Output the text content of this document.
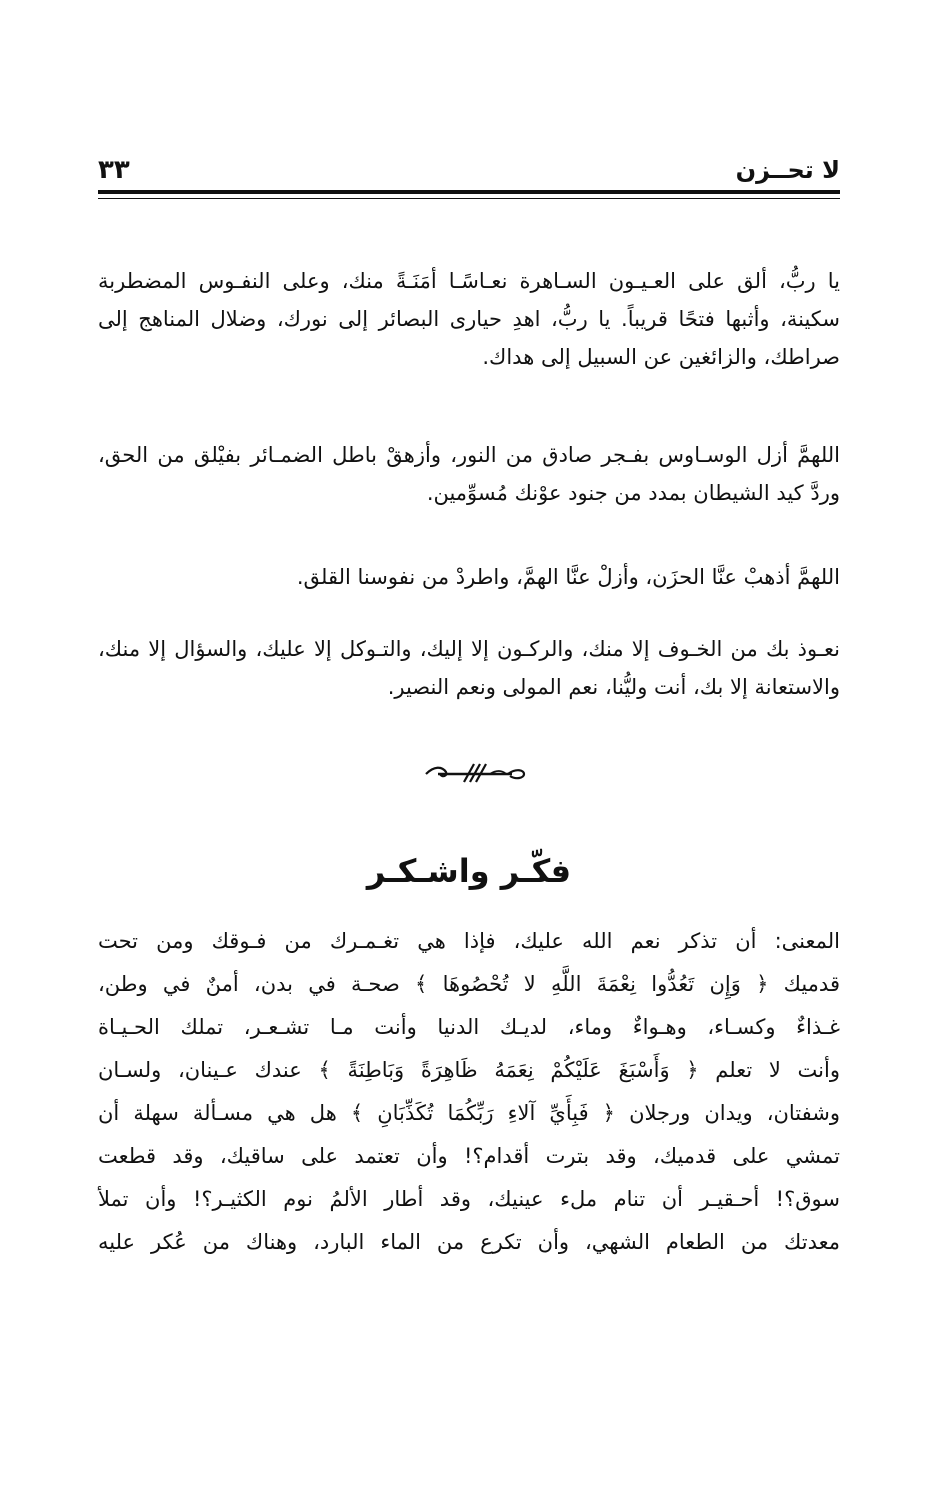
٣٣	لا تحــزن

يا ربُّ، ألق على العـيـون السـاهرة نعـاسًـا أمَنَـةً منك، وعلى النفـوس المضطربة سكينة، وأثبها فتحًا قريباً. يا ربُّ، اهدِ حيارى البصائر إلى نورك، وضلال المناهج إلى صراطك، والزائغين عن السبيل إلى هداك.

اللهمَّ أزل الوسـاوس بفـجر صادق من النور، وأزهقْ باطل الضمـائر بفيْلق من الحق، وردَّ كيد الشيطان بمدد من جنود عوْنك مُسوِّمين.

اللهمَّ أذهبْ عنَّا الحزَن، وأزلْ عنَّا الهمَّ، واطردْ من نفوسنا القلق.

نعـوذ بك من الخـوف إلا منك، والركـون إلا إليك، والتـوكل إلا عليك، والسؤال إلا منك، والاستعانة إلا بك، أنت وليُّنا، نعم المولى ونعم النصير.

فكّـر واشـكـر
المعنى: أن تذكر نعم الله عليك، فإذا هي تغـمـرك من فـوقك ومن تحت
قدميك ﴿ وَإِن تَعُدُّوا نِعْمَةَ اللَّهِ لا تُحْصُوهَا ﴾ صحـة في بدن، أمنٌ في وطن،
غـذاءٌ وكسـاء، وهـواءٌ وماء، لديـك الدنيا وأنت مـا تشـعـر، تملك الحـيـاة
وأنت لا تعلم ﴿ وَأَسْبَغَ عَلَيْكُمْ نِعَمَهُ ظَاهِرَةً وَبَاطِنَةً ﴾ عندك عـينان، ولسـان
وشفتان، ويدان ورجلان ﴿ فَبِأَيِّ آلاءِ رَبِّكُمَا تُكَذِّبَانِ ﴾ هل هي مسـألة سهلة أن
تمشي على قدميك، وقد بترت أقدام؟! وأن تعتمد على ساقيك، وقد قطعت
سوق؟! أحـقيـر أن تنام ملء عينيك، وقد أطار الألمُ نوم الكثيـر؟! وأن تملأ
معدتك من الطعام الشهي، وأن تكرع من الماء البارد، وهناك من عُكر عليه
